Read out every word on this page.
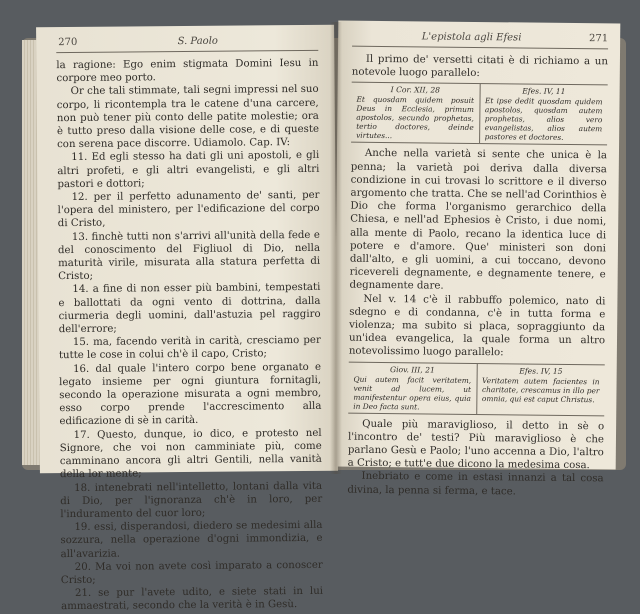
270	S. Paolo

la ragione: Ego enim stigmata Domini Iesu in corpore meo porto.

Or che tali stimmate, tali segni impressi nel suo corpo, li ricontempla tra le catene d'una carcere, non può tener più conto delle patite molestie; ora è tutto preso dalla visione delle cose, e di queste con serena pace discorre. Udiamolo. Cap. IV:

11. Ed egli stesso ha dati gli uni apostoli, e gli altri profeti, e gli altri evangelisti, e gli altri pastori e dottori;

12. per il perfetto adunamento de' santi, per l'opera del ministero, per l'edificazione del corpo di Cristo,

13. finchè tutti non s'arrivi all'unità della fede e del conoscimento del Figliuol di Dio, nella maturità virile, misurata alla statura perfetta di Cristo;

14. a fine di non esser più bambini, tempestati e ballottati da ogni vento di dottrina, dalla ciurmeria degli uomini, dall'astuzia pel raggiro dell'errore;

15. ma, facendo verità in carità, cresciamo per tutte le cose in colui ch'è il capo, Cristo;

16. dal quale l'intero corpo bene organato e legato insieme per ogni giuntura fornitagli, secondo la operazione misurata a ogni membro, esso corpo prende l'accrescimento alla edificazione di sè in carità.

17. Questo, dunque, io dico, e protesto nel Signore, che voi non camminiate più, come camminano ancora gli altri Gentili, nella vanità della lor mente;

18. intenebrati nell'intelletto, lontani dalla vita di Dio, per l'ignoranza ch'è in loro, per l'induramento del cuor loro;

19. essi, disperandosi, diedero se medesimi alla sozzura, nella operazione d'ogni immondizia, e all'avarizia.

20. Ma voi non avete così imparato a conoscer Cristo;

21. se pur l'avete udito, e siete stati in lui ammaestrati, secondo che la verità è in Gesù.

L'epistola agli Efesi	271

Il primo de' versetti citati è di richiamo a un notevole luogo parallelo:

I Cor. XII, 28
Et quosdam quidem posuit Deus in Ecclesia, primum apostolos, secundo prophetas, tertio doctores, deinde virtutes...
Efes. IV, 11
Et ipse dedit quosdam quidem apostolos, quosdam autem prophetas, alios vero evangelistas, alios autem pastores et doctores.

Anche nella varietà si sente che unica è la penna; la varietà poi deriva dalla diversa condizione in cui trovasi lo scrittore e il diverso argomento che tratta. Che se nell'ad Corinthios è Dio che forma l'organismo gerarchico della Chiesa, e nell'ad Ephesios è Cristo, i due nomi, alla mente di Paolo, recano la identica luce di potere e d'amore. Que' ministeri son doni dall'alto, e gli uomini, a cui toccano, devono ricevereli degnamente, e degnamente tenere, e degnamente dare.

Nel v. 14 c'è il rabbuffo polemico, nato di sdegno e di condanna, c'è in tutta forma e violenza; ma subito si placa, sopraggiunto da un'idea evangelica, la quale forma un altro notevolissimo luogo parallelo:

Giov. III, 21
Qui autem facit veritatem, venit ad lucem, ut manifestentur opera eius, quia in Deo facta sunt.
Efes. IV, 15
Veritatem autem facientes in charitate, crescamus in illo per omnia, qui est caput Christus.

Quale più maraviglioso, il detto in sè o l'incontro de' testi? Più maraviglioso è che parlano Gesù e Paolo; l'uno accenna a Dio, l'altro a Cristo; e tutt'e due dicono la medesima cosa.

Inebriato e come in estasi innanzi a tal cosa divina, la penna si ferma, e tace.
